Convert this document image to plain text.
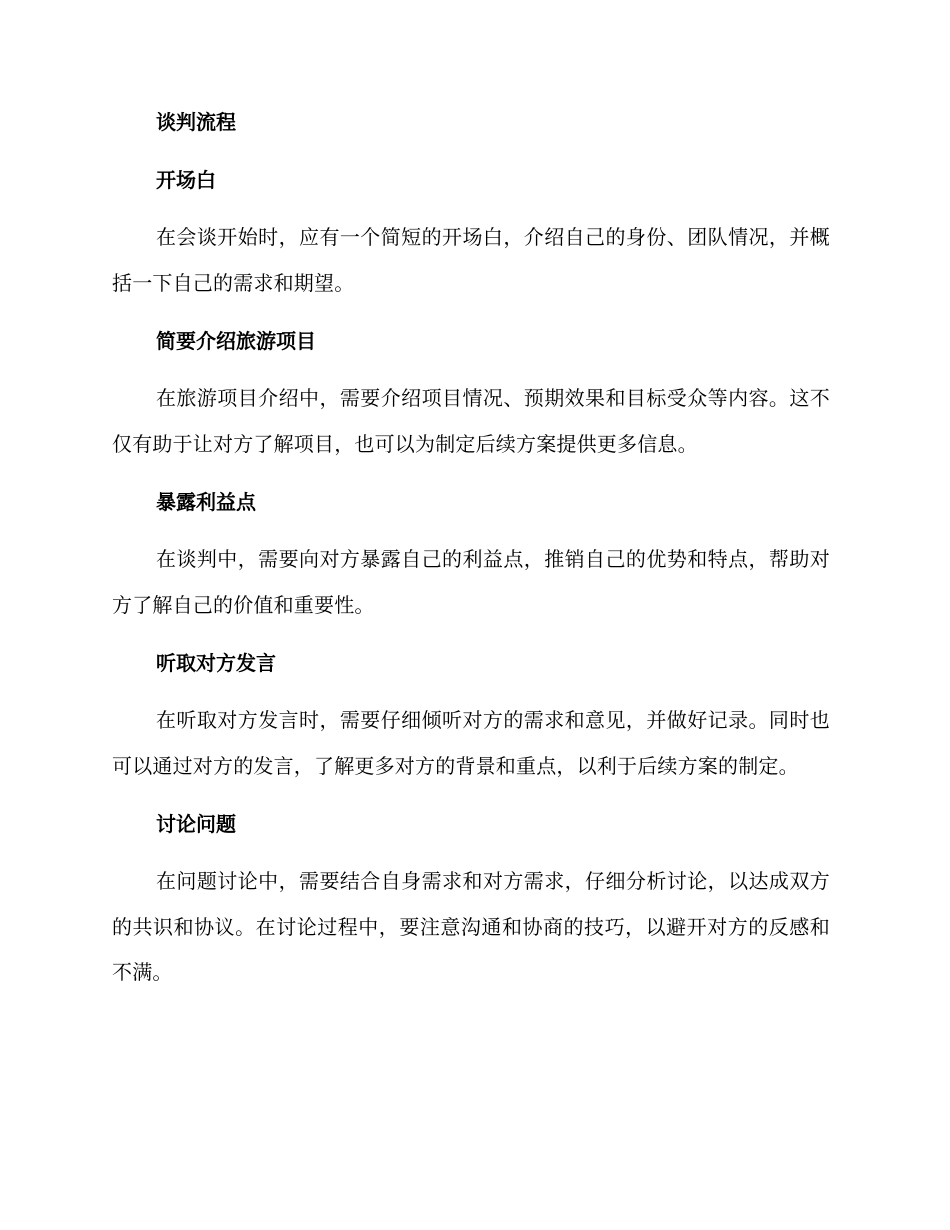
谈判流程
开场白

在会谈开始时，应有一个简短的开场白，介绍自己的身份、团队情况，并概括一下自己的需求和期望。

简要介绍旅游项目

在旅游项目介绍中，需要介绍项目情况、预期效果和目标受众等内容。这不仅有助于让对方了解项目，也可以为制定后续方案提供更多信息。

暴露利益点

在谈判中，需要向对方暴露自己的利益点，推销自己的优势和特点，帮助对方了解自己的价值和重要性。

听取对方发言

在听取对方发言时，需要仔细倾听对方的需求和意见，并做好记录。同时也可以通过对方的发言，了解更多对方的背景和重点，以利于后续方案的制定。

讨论问题

在问题讨论中，需要结合自身需求和对方需求，仔细分析讨论，以达成双方的共识和协议。在讨论过程中，要注意沟通和协商的技巧，以避开对方的反感和不满。
